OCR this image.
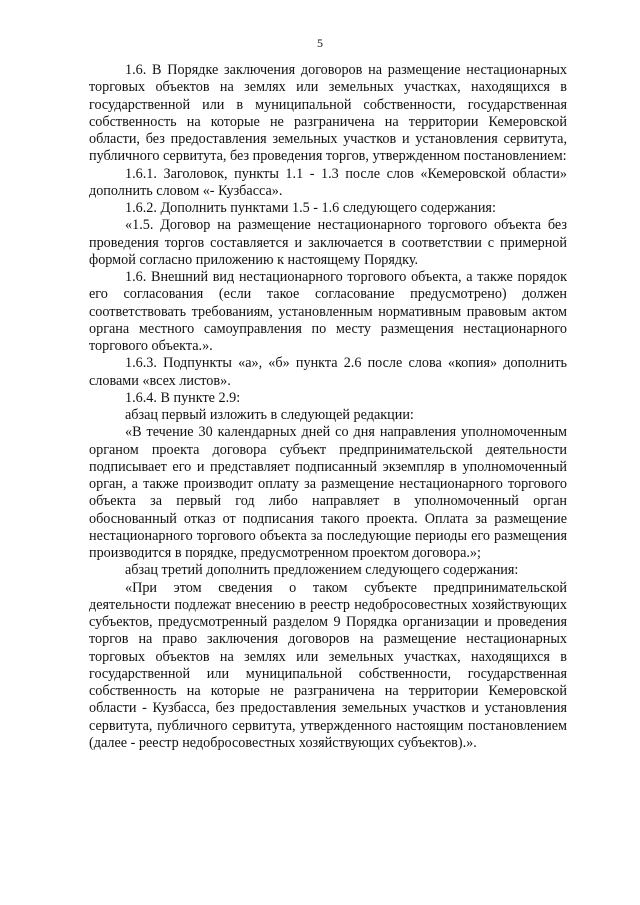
5

1.6. В Порядке заключения договоров на размещение нестационарных торговых объектов на землях или земельных участках, находящихся в государственной или в муниципальной собственности, государственная собственность на которые не разграничена на территории Кемеровской области, без предоставления земельных участков и установления сервитута, публичного сервитута, без проведения торгов, утвержденном постановлением:

1.6.1. Заголовок, пункты 1.1 - 1.3 после слов «Кемеровской области» дополнить словом «- Кузбасса».

1.6.2. Дополнить пунктами 1.5 - 1.6 следующего содержания:

«1.5. Договор на размещение нестационарного торгового объекта без проведения торгов составляется и заключается в соответствии с примерной формой согласно приложению к настоящему Порядку.

1.6. Внешний вид нестационарного торгового объекта, а также порядок его согласования (если такое согласование предусмотрено) должен соответствовать требованиям, установленным нормативным правовым актом органа местного самоуправления по месту размещения нестационарного торгового объекта.».

1.6.3. Подпункты «а», «б» пункта 2.6 после слова «копия» дополнить словами «всех листов».

1.6.4. В пункте 2.9:

абзац первый изложить в следующей редакции:

«В течение 30 календарных дней со дня направления уполномоченным органом проекта договора субъект предпринимательской деятельности подписывает его и представляет подписанный экземпляр в уполномоченный орган, а также производит оплату за размещение нестационарного торгового объекта за первый год либо направляет в уполномоченный орган обоснованный отказ от подписания такого проекта. Оплата за размещение нестационарного торгового объекта за последующие периоды его размещения производится в порядке, предусмотренном проектом договора.»;

абзац третий дополнить предложением следующего содержания:

«При этом сведения о таком субъекте предпринимательской деятельности подлежат внесению в реестр недобросовестных хозяйствующих субъектов, предусмотренный разделом 9 Порядка организации и проведения торгов на право заключения договоров на размещение нестационарных торговых объектов на землях или земельных участках, находящихся в государственной или муниципальной собственности, государственная собственность на которые не разграничена на территории Кемеровской области - Кузбасса, без предоставления земельных участков и установления сервитута, публичного сервитута, утвержденного настоящим постановлением (далее - реестр недобросовестных хозяйствующих субъектов).».
